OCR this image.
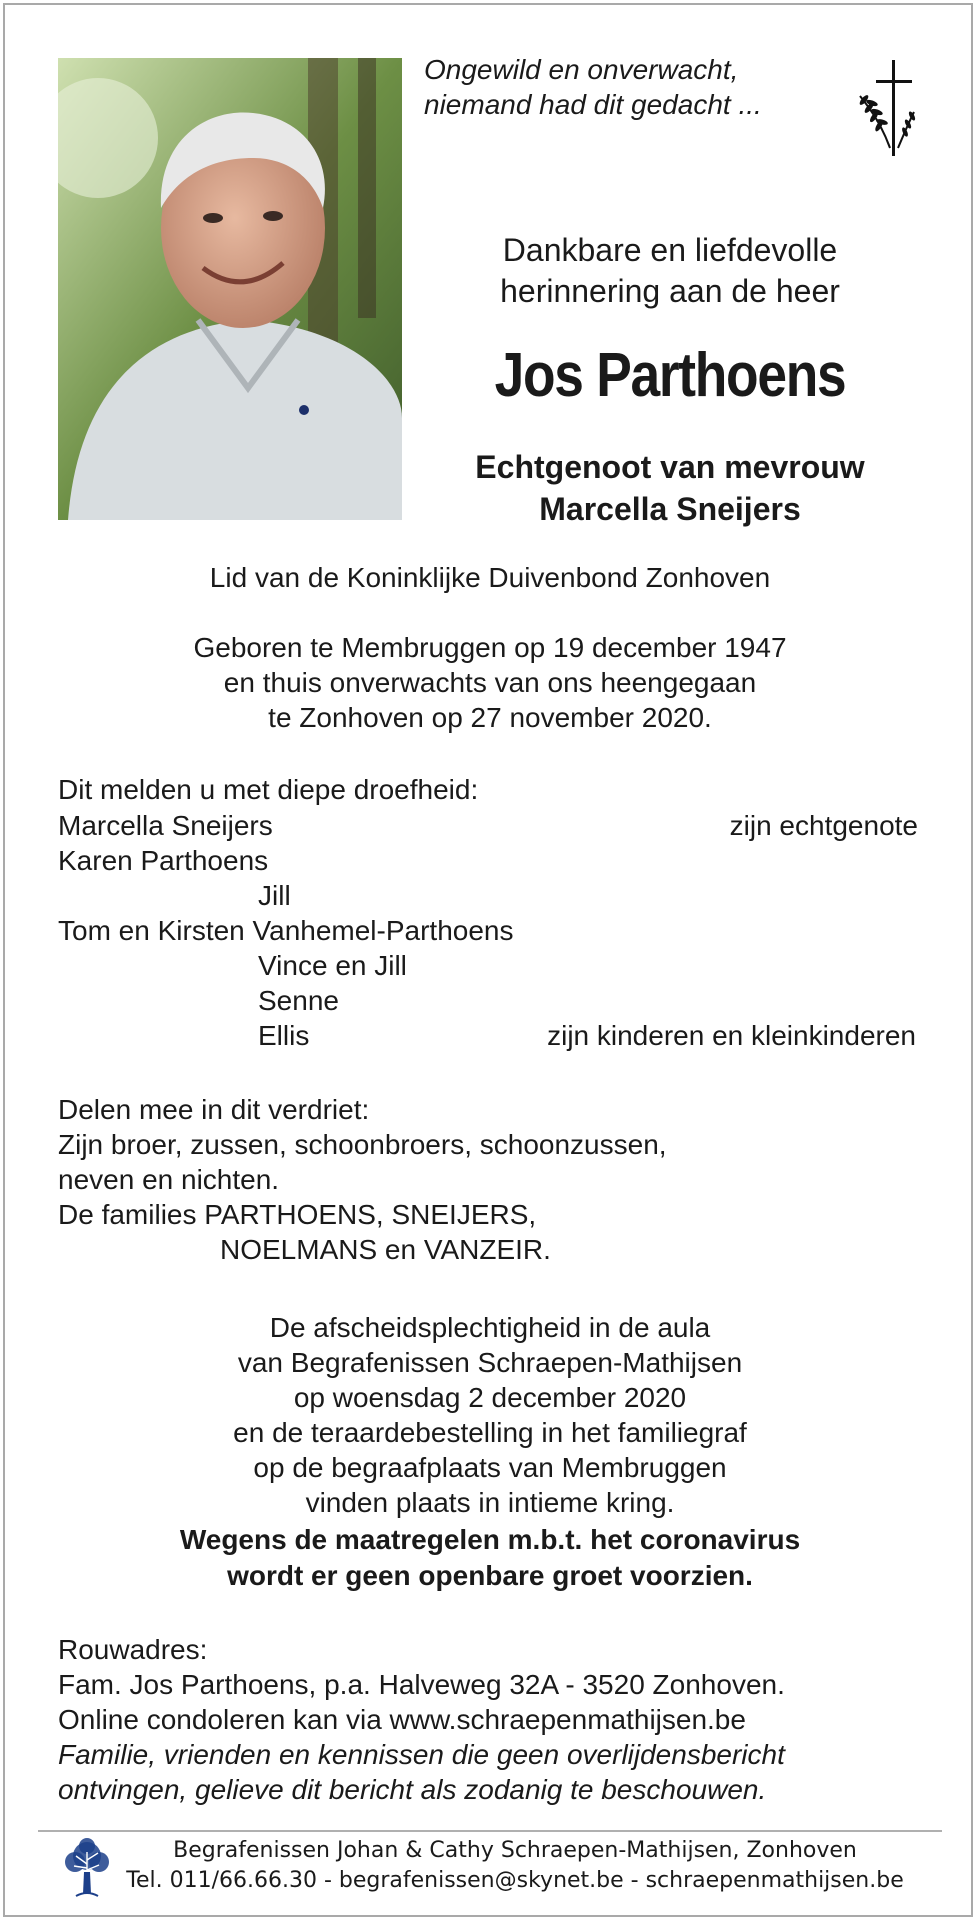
Ongewild en onverwacht,
niemand had dit gedacht ...
Dankbare en liefdevolle
herinnering aan de heer
Jos Parthoens
Echtgenoot van mevrouw
Marcella Sneijers
Lid van de Koninklijke Duivenbond Zonhoven
Geboren te Membruggen op 19 december 1947
en thuis onverwachts van ons heengegaan
te Zonhoven op 27 november 2020.
Dit melden u met diepe droefheid:
Marcella Sneijers	zijn echtgenote
Karen Parthoens
Jill
Tom en Kirsten Vanhemel-Parthoens
Vince en Jill
Senne
Ellis	zijn kinderen en kleinkinderen
Delen mee in dit verdriet:
Zijn broer, zussen, schoonbroers, schoonzussen,
neven en nichten.
De families PARTHOENS, SNEIJERS,
NOELMANS en VANZEIR.
De afscheidsplechtigheid in de aula
van Begrafenissen Schraepen-Mathijsen
op woensdag 2 december 2020
en de teraardebestelling in het familiegraf
op de begraafplaats van Membruggen
vinden plaats in intieme kring.
Wegens de maatregelen m.b.t. het coronavirus
wordt er geen openbare groet voorzien.
Rouwadres:
Fam. Jos Parthoens, p.a. Halveweg 32A - 3520 Zonhoven.
Online condoleren kan via www.schraepenmathijsen.be
Familie, vrienden en kennissen die geen overlijdensbericht
ontvingen, gelieve dit bericht als zodanig te beschouwen.
Begrafenissen Johan & Cathy Schraepen-Mathijsen, Zonhoven
Tel. 011/66.66.30 - begrafenissen@skynet.be - schraepenmathijsen.be
